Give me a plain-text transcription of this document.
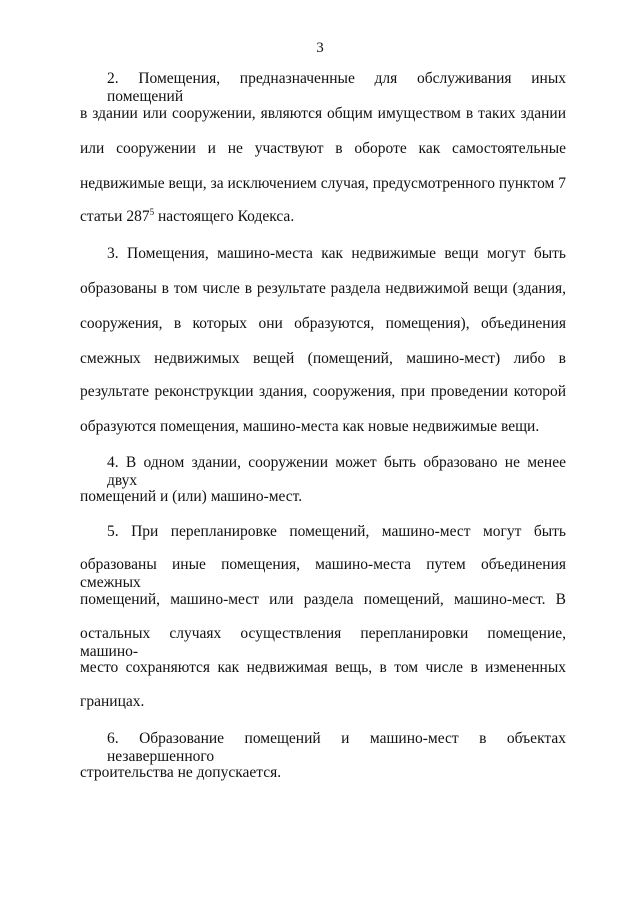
3
2. Помещения, предназначенные для обслуживания иных помещений
в здании или сооружении, являются общим имуществом в таких здании
или сооружении и не участвуют в обороте как самостоятельные
недвижимые вещи, за исключением случая, предусмотренного пунктом 7
статьи $287^5$ настоящего Кодекса.
3. Помещения, машино-места как недвижимые вещи могут быть
образованы в том числе в результате раздела недвижимой вещи (здания,
сооружения, в которых они образуются, помещения), объединения
смежных недвижимых вещей (помещений, машино-мест) либо в
результате реконструкции здания, сооружения, при проведении которой
образуются помещения, машино-места как новые недвижимые вещи.
4. В одном здании, сооружении может быть образовано не менее двух
помещений и (или) машино-мест.
5. При перепланировке помещений, машино-мест могут быть
образованы иные помещения, машино-места путем объединения смежных
помещений, машино-мест или раздела помещений, машино-мест. В
остальных случаях осуществления перепланировки помещение, машино-
место сохраняются как недвижимая вещь, в том числе в измененных
границах.
6. Образование помещений и машино-мест в объектах незавершенного
строительства не допускается.
